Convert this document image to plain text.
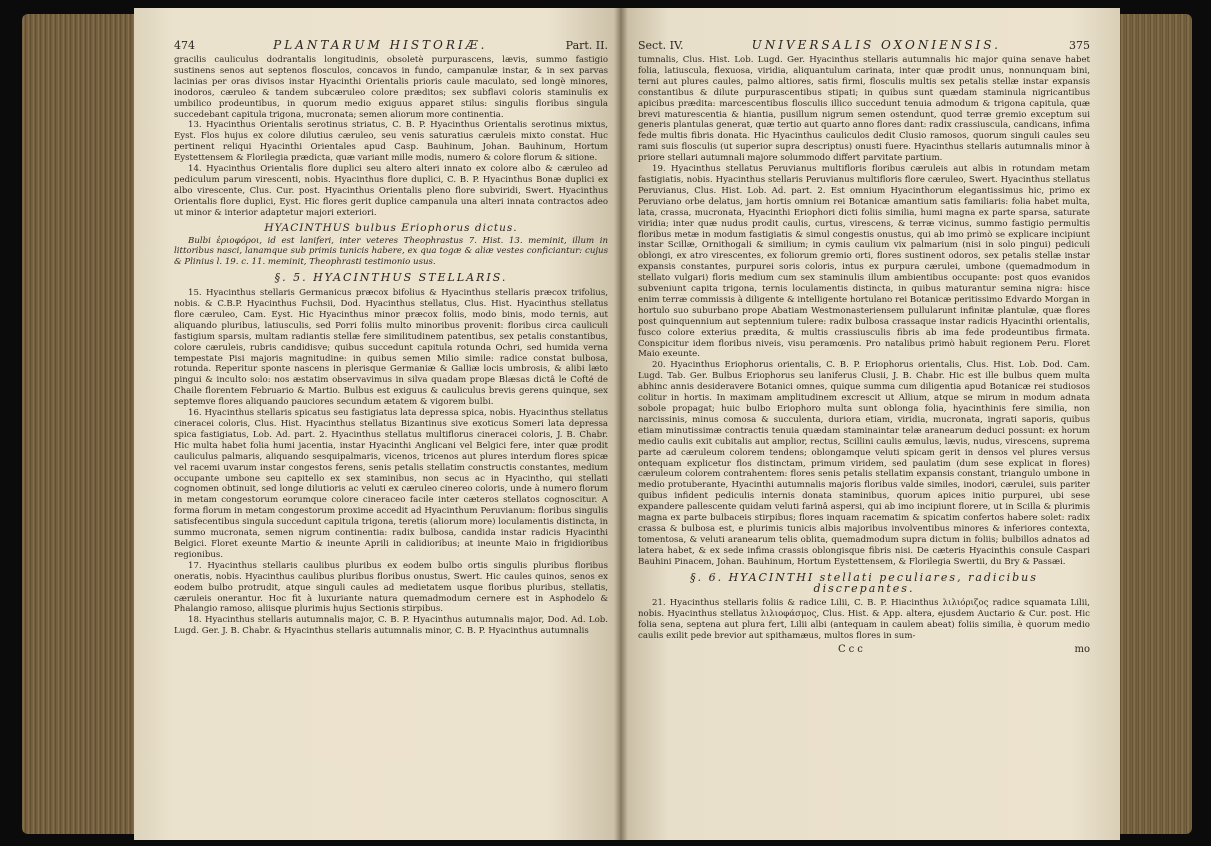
474	PLANTARUM HISTORIÆ.	Part. II.

gracilis cauliculus dodrantalis longitudinis, obsoletè purpurascens, lævis, summo fastigio sustinens senos aut septenos flosculos, concavos in fundo, campanulæ instar, & in sex parvas lacinias per oras divisos instar Hyacinthi Orientalis prioris caule maculato, sed longè minores, inodoros, cæruleo & tandem subcæruleo colore præditos; sex subflavi coloris staminulis ex umbilico prodeuntibus, in quorum medio exiguus apparet stilus: singulis floribus singula succedebant capitula trigona, mucronata; semen aliorum more continentia.

13. Hyacinthus Orientalis serotinus striatus, C. B. P. Hyacinthus Orientalis serotinus mixtus, Eyst. Flos hujus ex colore dilutius cæruleo, seu venis saturatius cæruleis mixto constat. Huc pertinent reliqui Hyacinthi Orientales apud Casp. Bauhinum, Johan. Bauhinum, Hortum Eystettensem & Florilegia prædicta, quæ variant mille modis, numero & colore florum & sitione.

14. Hyacinthus Orientalis flore duplici seu altero alteri innato ex colore albo & cæruleo ad pediculum parum virescenti, nobis. Hyacinthus flore duplici, C. B. P. Hyacinthus Bonæ duplici ex albo virescente, Clus. Cur. post. Hyacinthus Orientalis pleno flore subviridi, Swert. Hyacinthus Orientalis flore duplici, Eyst. Hic flores gerit duplice campanula una alteri innata contractos adeo ut minor & interior adaptetur majori exteriori.

HYACINTHUS bulbus Eriophorus dictus.

Bulbi ἐριοφόροι, id est laniferi, inter veteres Theophrastus 7. Hist. 13. meminit, illum in littoribus nasci, lanamque sub primis tunicis habere, ex qua togæ & aliæ vestes conficiantur: cujus & Plinius l. 19. c. 11. meminit, Theophrasti testimonio usus.

§. 5. HYACINTHUS STELLARIS.

15. Hyacinthus stellaris Germanicus præcox bifolius & Hyacinthus stellaris præcox trifolius, nobis. & C.B.P. Hyacinthus Fuchsii, Dod. Hyacinthus stellatus, Clus. Hist. Hyacinthus stellatus flore cæruleo, Cam. Eyst. Hic Hyacinthus minor præcox foliis, modo binis, modo ternis, aut aliquando pluribus, latiusculis, sed Porri foliis multo minoribus provenit: floribus circa cauliculi fastigium sparsis, multam radiantis stellæ fere similitudinem patentibus, sex petalis constantibus, colore cæruleis, rubris candidisve; quibus succedunt capitula rotunda Ochri, sed humida verna tempestate Pisi majoris magnitudine: in quibus semen Milio simile: radice constat bulbosa, rotunda. Reperitur sponte nascens in plerisque Germaniæ & Galliæ locis umbrosis, & alibi læto pingui & inculto solo: nos æstatim observavimus in silva quadam prope Blæsas dictâ le Cofté de Chaile florentem Februario & Martio. Bulbus est exiguus & cauliculus brevis gerens quinque, sex septemve flores aliquando pauciores secundum ætatem & vigorem bulbi.

16. Hyacinthus stellaris spicatus seu fastigiatus lata depressa spica, nobis. Hyacinthus stellatus cineracei coloris, Clus. Hist. Hyacinthus stellatus Bizantinus sive exoticus Someri lata depressa spica fastigiatus, Lob. Ad. part. 2. Hyacinthus stellatus multiflorus cineracei coloris, J. B. Chabr. Hic multa habet folia humi jacentia, instar Hyacinthi Anglicani vel Belgici fere, inter quæ prodit cauliculus palmaris, aliquando sesquipalmaris, vicenos, tricenos aut plures interdum flores spicæ vel racemi uvarum instar congestos ferens, senis petalis stellatim constructis constantes, medium occupante umbone seu capitello ex sex staminibus, non secus ac in Hyacintho, qui stellati cognomen obtinuit, sed longe dilutioris ac veluti ex cæruleo cinereo coloris, unde à numero florum in metam congestorum eorumque colore cineraceo facile inter cæteros stellatos cognoscitur. A forma florum in metam congestorum proxime accedit ad Hyacinthum Peruvianum: floribus singulis satisfecentibus singula succedunt capitula trigona, teretis (aliorum more) loculamentis distincta, in summo mucronata, semen nigrum continentia: radix bulbosa, candida instar radicis Hyacinthi Belgici. Floret exeunte Martio & ineunte Aprili in calidioribus; at ineunte Maio in frigidioribus regionibus.

17. Hyacinthus stellaris caulibus pluribus ex eodem bulbo ortis singulis pluribus floribus oneratis, nobis. Hyacinthus caulibus pluribus floribus onustus, Swert. Hic caules quinos, senos ex eodem bulbo protrudit, atque singuli caules ad medietatem usque floribus pluribus, stellatis, cæruleis onerantur. Hoc fit à luxuriante natura quemadmodum cernere est in Asphodelo & Phalangio ramoso, aliisque plurimis hujus Sectionis stirpibus.

18. Hyacinthus stellaris autumnalis major, C. B. P. Hyacinthus autumnalis major, Dod. Ad. Lob. Lugd. Ger. J. B. Chabr. & Hyacinthus stellaris autumnalis minor, C. B. P. Hyacinthus autumnalis

Sect. IV.	UNIVERSALIS OXONIENSIS.	375

tumnalis, Clus. Hist. Lob. Lugd. Ger. Hyacinthus stellaris autumnalis hic major quina senave habet folia, latiuscula, flexuosa, viridia, aliquantulum carinata, inter quæ prodit unus, nonnunquam bini, terni aut plures caules, palmo altiores, satis firmi, flosculis multis sex petalis stellæ instar expansis constantibus & dilute purpurascentibus stipati; in quibus sunt quædam staminula nigricantibus apicibus prædita: marcescentibus flosculis illico succedunt tenuia admodum & trigona capitula, quæ brevi maturescentia & hiantia, pusillum nigrum semen ostendunt, quod terræ gremio exceptum sui generis plantulas generat, quæ tertio aut quarto anno flores dant: radix crassiuscula, candicans, infima fede multis fibris donata. Hic Hyacinthus cauliculos dedit Clusio ramosos, quorum singuli caules seu rami suis flosculis (ut superior supra descriptus) onusti fuere. Hyacinthus stellaris autumnalis minor à priore stellari autumnali majore solummodo differt parvitate partium.

19. Hyacinthus stellatus Peruvianus multifloris floribus cæruleis aut albis in rotundam metam fastigiatis, nobis. Hyacinthus stellaris Peruvianus multifloris flore cæruleo, Swert. Hyacinthus stellatus Peruvianus, Clus. Hist. Lob. Ad. part. 2. Est omnium Hyacinthorum elegantissimus hic, primo ex Peruviano orbe delatus, jam hortis omnium rei Botanicæ amantium satis familiaris: folia habet multa, lata, crassa, mucronata, Hyacinthi Eriophori dicti foliis similia, humi magna ex parte sparsa, saturate viridia; inter quæ nudus prodit caulis, curtus, virescens, & terræ vicinus, summo fastigio permultis floribus metæ in modum fastigiatis & simul congestis onustus, qui ab imo primò se explicare incipiunt instar Scillæ, Ornithogali & similium; in cymis caulium vix palmarium (nisi in solo pingui) pediculi oblongi, ex atro virescentes, ex foliorum gremio orti, flores sustinent odoros, sex petalis stellæ instar expansis constantes, purpurei soris coloris, intus ex purpura cærulei, umbone (quemadmodum in stellato vulgari) floris medium cum sex staminulis illum ambientibus occupante: post quos evanidos subveniunt capita trigona, ternis loculamentis distincta, in quibus maturantur semina nigra: hisce enim terræ commissis à diligente & intelligente hortulano rei Botanicæ peritissimo Edvardo Morgan in hortulo suo suburbano prope Abatiam Westmonasteriensem pullularunt infinitæ plantulæ, quæ flores post quinquennium aut septennium tulere: radix bulbosa crassaque instar radicis Hyacinthi orientalis, fusco colore exterius prædita, & multis crassiusculis fibris ab ima fede prodeuntibus firmata. Conspicitur idem floribus niveis, visu peramœnis. Pro natalibus primò habuit regionem Peru. Floret Maio exeunte.

20. Hyacinthus Eriophorus orientalis, C. B. P. Eriophorus orientalis, Clus. Hist. Lob. Dod. Cam. Lugd. Tab. Ger. Bulbus Eriophorus seu laniferus Clusii, J. B. Chabr. Hic est ille bulbus quem multa abhinc annis desideravere Botanici omnes, quique summa cum diligentia apud Botanicæ rei studiosos colitur in hortis. In maximam amplitudinem excrescit ut Allium, atque se mirum in modum adnata sobole propagat; huic bulbo Eriophoro multa sunt oblonga folia, hyacinthinis fere similia, non narcissinis, minus comosa & succulenta, duriora etiam, viridia, mucronata, ingrati saporis, quibus etiam minutissimæ contractis tenuia quædam staminaintar telæ aranearum deduci possunt: ex horum medio caulis exit cubitalis aut amplior, rectus, Scillini caulis æmulus, lævis, nudus, virescens, suprema parte ad cæruleum colorem tendens; oblongamque veluti spicam gerit in densos vel plures versus ontequam explicetur flos distinctam, primum viridem, sed paulatim (dum sese explicat in flores) cæruleum colorem contrahentem: flores senis petalis stellatim expansis constant, triangulo umbone in medio protuberante, Hyacinthi autumnalis majoris floribus valde similes, inodori, cærulei, suis pariter quibus infident pediculis internis donata staminibus, quorum apices initio purpurei, ubi sese expandere pallescente quidam veluti farinâ aspersi, qui ab imo incipiunt florere, ut in Scilla & plurimis magna ex parte bulbaceis stirpibus; flores inquam racematim & spicatim confertos habere solet: radix crassa & bulbosa est, e plurimis tunicis albis majoribus involventibus minores & inferiores contexta, tomentosa, & veluti aranearum telis oblita, quemadmodum supra dictum in foliis; bulbillos adnatos ad latera habet, & ex sede infima crassis oblongisque fibris nisi. De cæteris Hyacinthis consule Caspari Bauhini Pinacem, Johan. Bauhinum, Hortum Eystettensem, & Florilegia Swertii, du Bry & Passæi.

§. 6. HYACINTHI stellati peculiares, radicibus discrepantes.

21. Hyacinthus stellaris foliis & radice Lilii, C. B. P. Hiacinthus λιλιόριζος radice squamata Lilii, nobis. Hyacinthus stellatus λιλιοφάσμος, Clus. Hist. & App. altera, ejusdem Auctario & Cur. post. Hic folia sena, septena aut plura fert, Lilii albi (antequam in caulem abeat) foliis similia, è quorum medio caulis exilit pede brevior aut spithamæus, multos flores in sum-

Ccc	mo
